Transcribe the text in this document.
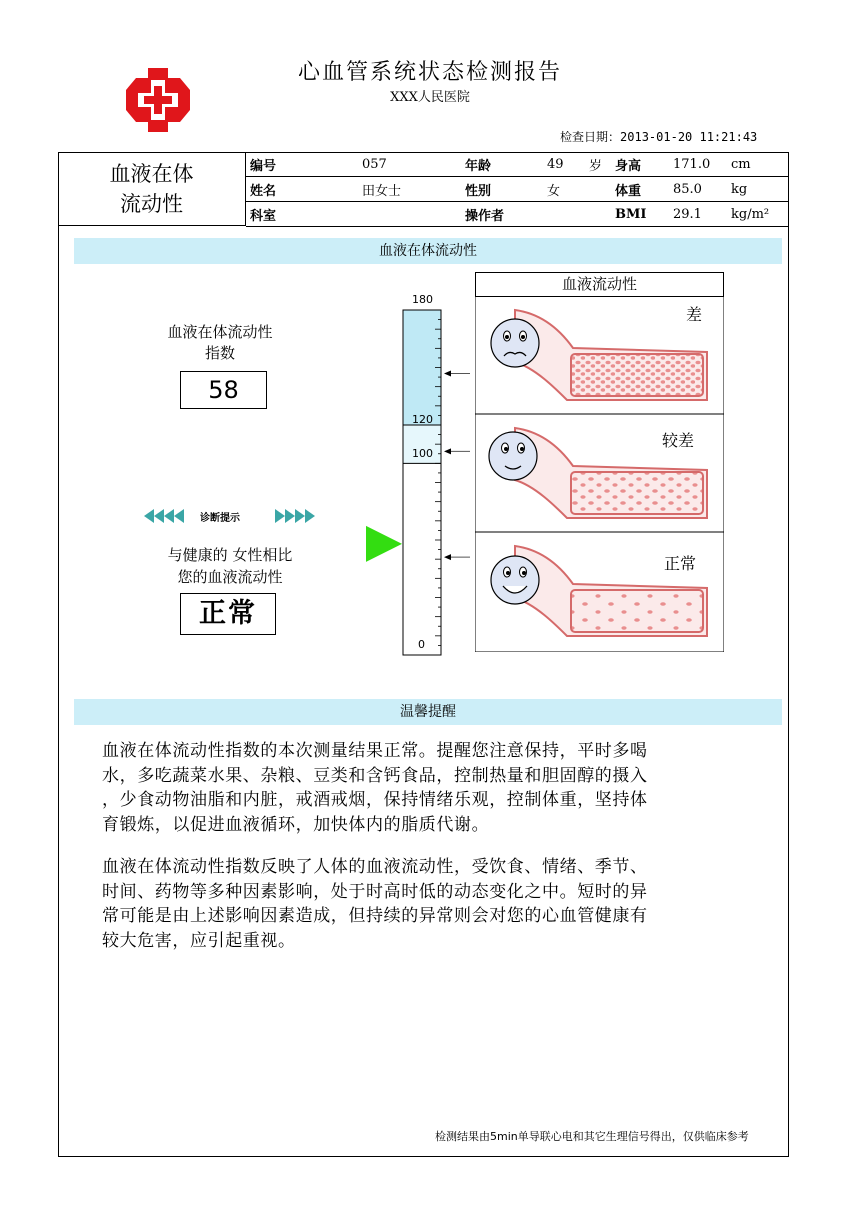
心血管系统状态检测报告
XXX人民医院
检查日期：2013-01-20 11:21:43
血液在体
流动性
编号	057	年龄	49	岁	身高	171.0	cm
姓名	田女士	性别	女		体重	85.0	kg
科室		操作者			BMI	29.1	kg/m²
血液在体流动性
血液在体流动性
指数
58
诊断提示
与健康的 女性相比
您的血液流动性
正常
180
120
100
0
血液流动性
差
较差
正常
温馨提醒
血液在体流动性指数的本次测量结果正常。提醒您注意保持，平时多喝
水，多吃蔬菜水果、杂粮、豆类和含钙食品，控制热量和胆固醇的摄入
，少食动物油脂和内脏，戒酒戒烟，保持情绪乐观，控制体重，坚持体
育锻炼，以促进血液循环，加快体内的脂质代谢。
血液在体流动性指数反映了人体的血液流动性，受饮食、情绪、季节、
时间、药物等多种因素影响，处于时高时低的动态变化之中。短时的异
常可能是由上述影响因素造成，但持续的异常则会对您的心血管健康有
较大危害，应引起重视。
检测结果由5min单导联心电和其它生理信号得出，仅供临床参考
